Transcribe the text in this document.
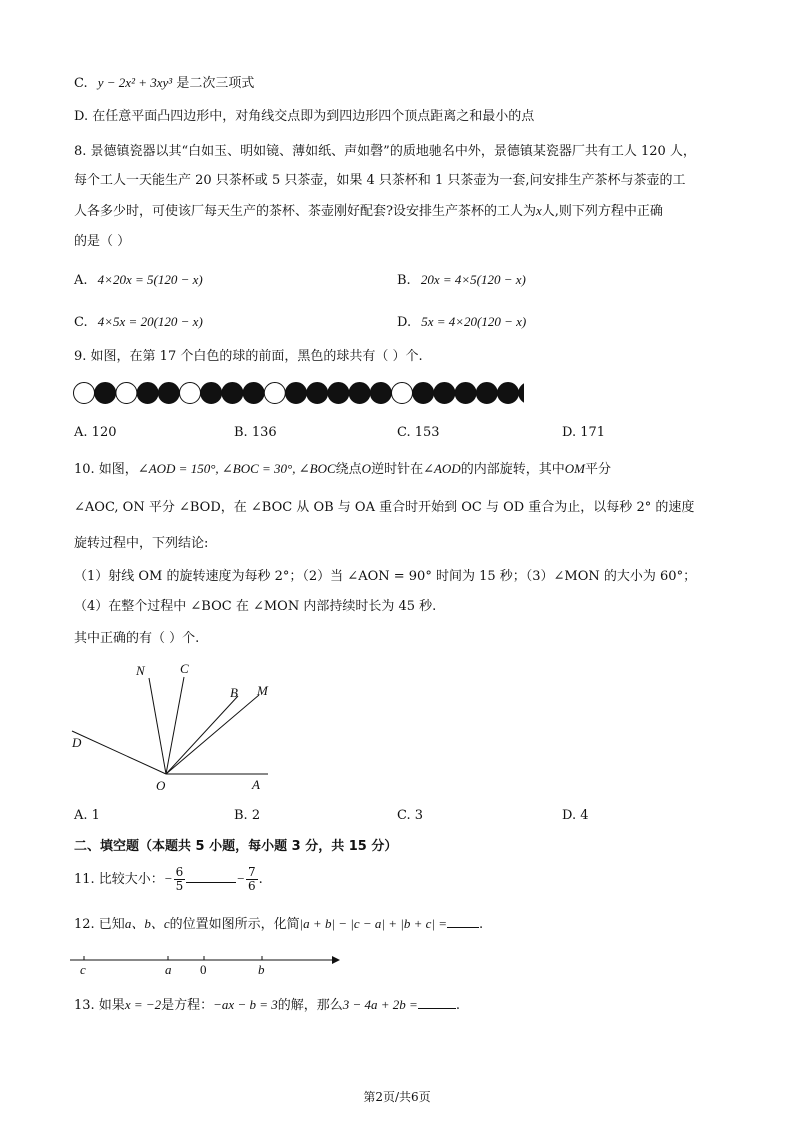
C. y − 2x² + 3xy³ 是二次三项式
D. 在任意平面凸四边形中，对角线交点即为到四边形四个顶点距离之和最小的点
8. 景德镇瓷器以其“白如玉、明如镜、薄如纸、声如磬”的质地驰名中外，景德镇某瓷器厂共有工人 120 人，
每个工人一天能生产 20 只茶杯或 5 只茶壶，如果 4 只茶杯和 1 只茶壶为一套,问安排生产茶杯与茶壶的工
人各多少时，可使该厂每天生产的茶杯、茶壶刚好配套?设安排生产茶杯的工人为x人,则下列方程中正确
的是（ ）
A. 4×20x = 5(120 − x)	B. 20x = 4×5(120 − x)
C. 4×5x = 20(120 − x)	D. 5x = 4×20(120 − x)
9. 如图，在第 17 个白色的球的前面，黑色的球共有（ ）个.
A. 120	B. 136	C. 153	D. 171
10. 如图，∠AOD = 150°, ∠BOC = 30°, ∠BOC绕点O逆时针在∠AOD的内部旋转，其中OM平分
∠AOC, ON 平分 ∠BOD，在 ∠BOC 从 OB 与 OA 重合时开始到 OC 与 OD 重合为止，以每秒 2° 的速度
旋转过程中，下列结论:
（1）射线 OM 的旋转速度为每秒 2°；（2）当 ∠AON = 90° 时间为 15 秒；（3）∠MON 的大小为 60°；
（4）在整个过程中 ∠BOC 在 ∠MON 内部持续时长为 45 秒.
其中正确的有（ ）个.
N	C
B M
D
O	A
A. 1	B. 2	C. 3	D. 4
二、填空题（本题共 5 小题，每小题 3 分，共 15 分）
11. 比较大小：− $\frac{6}{5}$	− $\frac{7}{6}$ .
12. 已知a、b、c的位置如图所示，化简|a + b| − |c − a| + |b + c| = .
c	a 0	b
13. 如果x = −2是方程：−ax − b = 3的解，那么3 − 4a + 2b =	.
第2页/共6页
